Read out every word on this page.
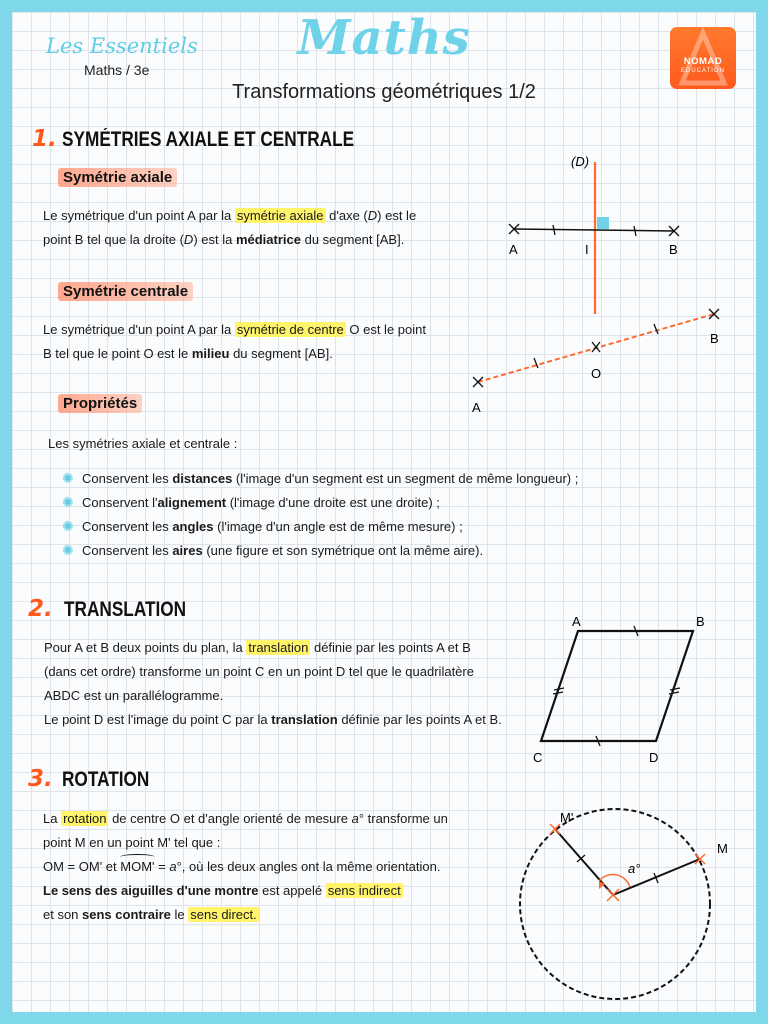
Les Essentiels
Maths / 3e
Maths
Transformations géométriques 1/2
NOMAD
EDUCATION
1. SYMÉTRIES AXIALE ET CENTRALE
Symétrie axiale
Le symétrique d'un point A par la symétrie axiale d'axe (D) est le
point B tel que la droite (D) est la médiatrice du segment [AB].
Symétrie centrale
Le symétrique d'un point A par la symétrie de centre O est le point
B tel que le point O est le milieu du segment [AB].
Propriétés
Les symétries axiale et centrale :
✺ Conservent les distances (l'image d'un segment est un segment de même longueur) ;
✺ Conservent l'alignement (l'image d'une droite est une droite) ;
✺ Conservent les angles (l'image d'un angle est de même mesure) ;
✺ Conservent les aires (une figure et son symétrique ont la même aire).
(D)
A	I	B
A
O
B
2. TRANSLATION
Pour A et B deux points du plan, la translation définie par les points A et B
(dans cet ordre) transforme un point C en un point D tel que le quadrilatère
ABDC est un parallélogramme.
Le point D est l'image du point C par la translation définie par les points A et B.
A	B
C	D
3. ROTATION
La rotation de centre O et d'angle orienté de mesure a° transforme un
point M en un point M' tel que :
OM = OM' et
MOM' = a°, où les deux angles ont la même orientation.
Le sens des aiguilles d'une montre est appelé sens indirect
et son sens contraire le sens direct.
a°
M'
M
